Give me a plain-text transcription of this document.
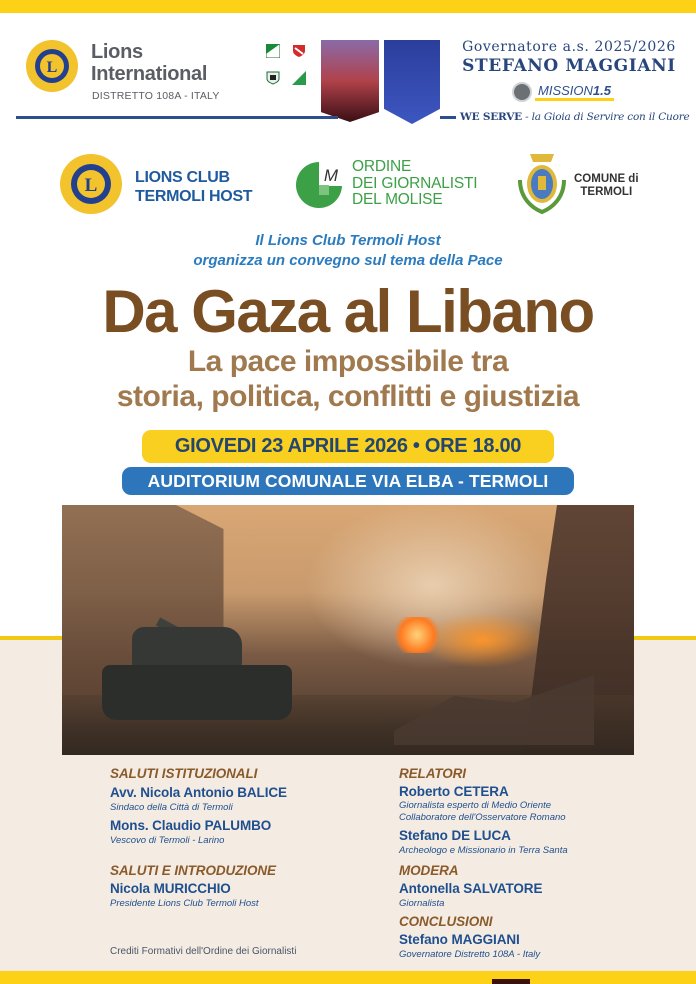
L
Lions
International
DISTRETTO 108A - ITALY
Governatore a.s. 2025/2026
STEFANO MAGGIANI
MISSION1.5
WE SERVE - la Gioia di Servire con il Cuore
L LIONS CLUB
TERMOLI HOST
M ORDINE
DEI GIORNALISTI
DEL MOLISE
COMUNE di
TERMOLI
Il Lions Club Termoli Host
organizza un convegno sul tema della Pace
Da Gaza al Libano
La pace impossibile tra
storia, politica, conflitti e giustizia
GIOVEDI 23 APRILE 2026 • ORE 18.00
AUDITORIUM COMUNALE VIA ELBA - TERMOLI
SALUTI ISTITUZIONALI
Avv. Nicola Antonio BALICE
Sindaco della Città di Termoli
Mons. Claudio PALUMBO
Vescovo di Termoli - Larino
SALUTI E INTRODUZIONE
Nicola MURICCHIO
Presidente Lions Club Termoli Host
Crediti Formativi dell'Ordine dei Giornalisti
RELATORI
Roberto CETERA
Giornalista esperto di Medio Oriente
Collaboratore dell'Osservatore Romano
Stefano DE LUCA
Archeologo e Missionario in Terra Santa
MODERA
Antonella SALVATORE
Giornalista
CONCLUSIONI
Stefano MAGGIANI
Governatore Distretto 108A - Italy
